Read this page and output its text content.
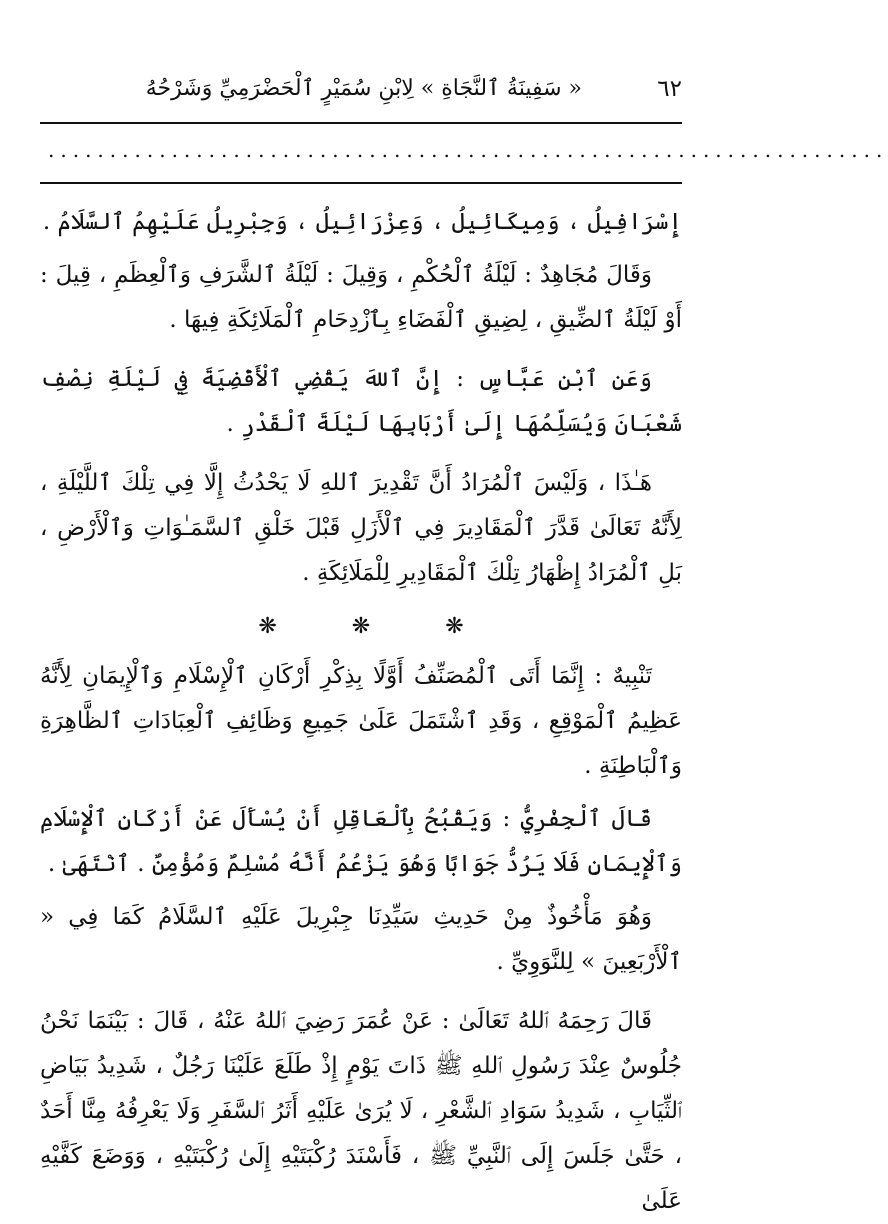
٦٢
« سَفِينَةُ ٱلنَّجَاةِ » لِابْنِ سُمَيْرٍ ٱلْحَضْرَمِيِّ وَشَرْحُهُ
....................................................................

إِسْرَافِيلُ ، وَمِيكَائِيلُ ، وَعِزْرَائِيلُ ، وَجِبْرِيلُ عَلَيْهِمُ ٱلسَّلَامُ .

وَقَالَ مُجَاهِدٌ : لَيْلَةُ ٱلْحُكْمِ ، وَقِيلَ : لَيْلَةُ ٱلشَّرَفِ وَٱلْعِظَمِ ، قِيلَ : أَوْ لَيْلَةُ ٱلضِّيقِ ، لِضِيقِ ٱلْفَضَاءِ بِٱزْدِحَامِ ٱلْمَلَائِكَةِ فِيهَا .

وَعَنِ ٱبْنِ عَبَّاسٍ : إِنَّ ٱللهَ يَقْضِي ٱلْأَقْضِيَةَ فِي لَيْلَةِ نِصْفِ شَعْبَانَ وَيُسَلِّمُهَا إِلَىٰ أَرْبَابِهَا لَيْلَةَ ٱلْقَدْرِ .

هَـٰذَا ، وَلَيْسَ ٱلْمُرَادُ أَنَّ تَقْدِيرَ ٱللهِ لَا يَحْدُثُ إِلَّا فِي تِلْكَ ٱللَّيْلَةِ ، لِأَنَّهُ تَعَالَىٰ قَدَّرَ ٱلْمَقَادِيرَ فِي ٱلْأَزَلِ قَبْلَ خَلْقِ ٱلسَّمَـٰوَاتِ وَٱلْأَرْضِ ، بَلِ ٱلْمُرَادُ إِظْهَارُ تِلْكَ ٱلْمَقَادِيرِ لِلْمَلَائِكَةِ .

❋	❋	❋

تَنْبِيهٌ : إِنَّمَا أَتَى ٱلْمُصَنِّفُ أَوَّلًا بِذِكْرِ أَرْكَانِ ٱلْإِسْلَامِ وَٱلْإِيمَانِ لِأَنَّهُ عَظِيمُ ٱلْمَوْقِعِ ، وَقَدِ ٱشْتَمَلَ عَلَىٰ جَمِيعِ وَظَائِفِ ٱلْعِبَادَاتِ ٱلظَّاهِرَةِ وَٱلْبَاطِنَةِ .

قَالَ ٱلْجِفْرِيُّ : وَيَقْبُحُ بِٱلْعَاقِلِ أَنْ يُسْأَلَ عَنْ أَرْكَانِ ٱلْإِسْلَامِ وَٱلْإِيمَانِ فَلَا يَرُدُّ جَوَابًا وَهُوَ يَزْعُمُ أَنَّهُ مُسْلِمٌ وَمُؤْمِنٌ . ٱنْتَهَىٰ .

وَهُوَ مَأْخُوذٌ مِنْ حَدِيثِ سَيِّدِنَا جِبْرِيلَ عَلَيْهِ ٱلسَّلَامُ كَمَا فِي « ٱلْأَرْبَعِينَ » لِلنَّوَوِيِّ .

قَالَ رَحِمَهُ ٱللهُ تَعَالَىٰ : عَنْ عُمَرَ رَضِيَ ٱللهُ عَنْهُ ، قَالَ : بَيْنَمَا نَحْنُ جُلُوسٌ عِنْدَ رَسُولِ ٱللهِ ﷺ ذَاتَ يَوْمٍ إِذْ طَلَعَ عَلَيْنَا رَجُلٌ ، شَدِيدُ بَيَاضِ ٱلثِّيَابِ ، شَدِيدُ سَوَادِ ٱلشَّعْرِ ، لَا يُرَىٰ عَلَيْهِ أَثَرُ ٱلسَّفَرِ وَلَا يَعْرِفُهُ مِنَّا أَحَدٌ ، حَتَّىٰ جَلَسَ إِلَى ٱلنَّبِيِّ ﷺ ، فَأَسْنَدَ رُكْبَتَيْهِ إِلَىٰ رُكْبَتَيْهِ ، وَوَضَعَ كَفَّيْهِ عَلَىٰ
